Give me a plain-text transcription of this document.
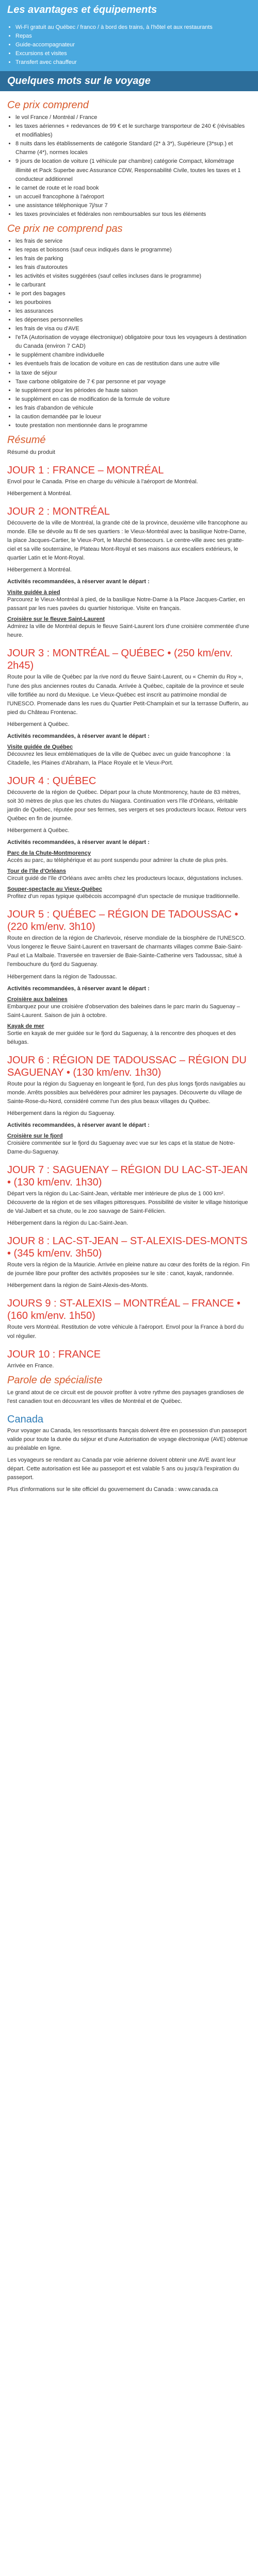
Les avantages et équipements
• Wi-Fi gratuit au Québec / franco / à bord des trains, à l'hôtel et aux restaurants
• Repas
• Guide-accompagnateur
• Excursions et visites
• Transfert avec chauffeur
Quelques mots sur le voyage
Ce prix comprend
• le vol France / Montréal / France
• les taxes aériennes + redevances de 99 € et le surcharge transporteur de 240 € (révisables et modifiables)
• 8 nuits dans les établissements de catégorie Standard (2* à 3*), Supérieure (3*sup.) et Charme (4*), normes locales
• 9 jours de location de voiture (1 véhicule par chambre) catégorie Compact, kilométrage illimité et Pack Superbe avec Assurance CDW, Responsabilité Civile, toutes les taxes et 1 conducteur additionnel
• le carnet de route et le road book
• un accueil francophone à l'aéroport
• une assistance téléphonique 7j/sur 7
• les taxes provinciales et fédérales non remboursables sur tous les éléments
Ce prix ne comprend pas
• les frais de service
• les repas et boissons (sauf ceux indiqués dans le programme)
• les frais de parking
• les frais d'autoroutes
• les activités et visites suggérées (sauf celles incluses dans le programme)
• le carburant
• le port des bagages
• les pourboires
• les assurances
• les dépenses personnelles
• les frais de visa ou d'AVE
• l'eTA (Autorisation de voyage électronique) obligatoire pour tous les voyageurs à destination du Canada (environ 7 CAD)
• le supplément chambre individuelle
• les éventuels frais de location de voiture en cas de restitution dans une autre ville
• la taxe de séjour
• Taxe carbone obligatoire de 7 € par personne et par voyage
• le supplément pour les périodes de haute saison
• le supplément en cas de modification de la formule de voiture
• les frais d'abandon de véhicule
• la caution demandée par le loueur
• toute prestation non mentionnée dans le programme
Résumé

Résumé du produit

JOUR 1 : FRANCE – MONTRÉAL

Envol pour le Canada. Prise en charge du véhicule à l'aéroport de Montréal.

Hébergement à Montréal.

JOUR 2 : MONTRÉAL

Découverte de la ville de Montréal, la grande cité de la province, deuxième ville francophone au monde. Elle se dévoile au fil de ses quartiers : le Vieux-Montréal avec la basilique Notre-Dame, la place Jacques-Cartier, le Vieux-Port, le Marché Bonsecours. Le centre-ville avec ses gratte-ciel et sa ville souterraine, le Plateau Mont-Royal et ses maisons aux escaliers extérieurs, le quartier Latin et le Mont-Royal.

Hébergement à Montréal.

Activités recommandées, à réserver avant le départ :

Visite guidée à pied

Parcourez le Vieux-Montréal à pied, de la basilique Notre-Dame à la Place Jacques-Cartier, en passant par les rues pavées du quartier historique. Visite en français.

Croisière sur le fleuve Saint-Laurent

Admirez la ville de Montréal depuis le fleuve Saint-Laurent lors d'une croisière commentée d'une heure.

JOUR 3 : MONTRÉAL – QUÉBEC • (250 km/env. 2h45)

Route pour la ville de Québec par la rive nord du fleuve Saint-Laurent, ou « Chemin du Roy », l'une des plus anciennes routes du Canada. Arrivée à Québec, capitale de la province et seule ville fortifiée au nord du Mexique. Le Vieux-Québec est inscrit au patrimoine mondial de l'UNESCO. Promenade dans les rues du Quartier Petit-Champlain et sur la terrasse Dufferin, au pied du Château Frontenac.

Hébergement à Québec.

Activités recommandées, à réserver avant le départ :

Visite guidée de Québec

Découvrez les lieux emblématiques de la ville de Québec avec un guide francophone : la Citadelle, les Plaines d'Abraham, la Place Royale et le Vieux-Port.

JOUR 4 : QUÉBEC

Découverte de la région de Québec. Départ pour la chute Montmorency, haute de 83 mètres, soit 30 mètres de plus que les chutes du Niagara. Continuation vers l'île d'Orléans, véritable jardin de Québec, réputée pour ses fermes, ses vergers et ses producteurs locaux. Retour vers Québec en fin de journée.

Hébergement à Québec.

Activités recommandées, à réserver avant le départ :

Parc de la Chute-Montmorency

Accès au parc, au téléphérique et au pont suspendu pour admirer la chute de plus près.

Tour de l'île d'Orléans

Circuit guidé de l'île d'Orléans avec arrêts chez les producteurs locaux, dégustations incluses.

Souper-spectacle au Vieux-Québec

Profitez d'un repas typique québécois accompagné d'un spectacle de musique traditionnelle.

JOUR 5 : QUÉBEC – RÉGION DE TADOUSSAC • (220 km/env. 3h10)

Route en direction de la région de Charlevoix, réserve mondiale de la biosphère de l'UNESCO. Vous longerez le fleuve Saint-Laurent en traversant de charmants villages comme Baie-Saint-Paul et La Malbaie. Traversée en traversier de Baie-Sainte-Catherine vers Tadoussac, situé à l'embouchure du fjord du Saguenay.

Hébergement dans la région de Tadoussac.

Activités recommandées, à réserver avant le départ :

Croisière aux baleines

Embarquez pour une croisière d'observation des baleines dans le parc marin du Saguenay – Saint-Laurent. Saison de juin à octobre.

Kayak de mer

Sortie en kayak de mer guidée sur le fjord du Saguenay, à la rencontre des phoques et des bélugas.

JOUR 6 : RÉGION DE TADOUSSAC – RÉGION DU SAGUENAY • (130 km/env. 1h30)

Route pour la région du Saguenay en longeant le fjord, l'un des plus longs fjords navigables au monde. Arrêts possibles aux belvédères pour admirer les paysages. Découverte du village de Sainte-Rose-du-Nord, considéré comme l'un des plus beaux villages du Québec.

Hébergement dans la région du Saguenay.

Activités recommandées, à réserver avant le départ :

Croisière sur le fjord

Croisière commentée sur le fjord du Saguenay avec vue sur les caps et la statue de Notre-Dame-du-Saguenay.

JOUR 7 : SAGUENAY – RÉGION DU LAC-ST-JEAN • (130 km/env. 1h30)

Départ vers la région du Lac-Saint-Jean, véritable mer intérieure de plus de 1 000 km². Découverte de la région et de ses villages pittoresques. Possibilité de visiter le village historique de Val-Jalbert et sa chute, ou le zoo sauvage de Saint-Félicien.

Hébergement dans la région du Lac-Saint-Jean.

JOUR 8 : LAC-ST-JEAN – ST-ALEXIS-DES-MONTS • (345 km/env. 3h50)

Route vers la région de la Mauricie. Arrivée en pleine nature au cœur des forêts de la région. Fin de journée libre pour profiter des activités proposées sur le site : canot, kayak, randonnée.

Hébergement dans la région de Saint-Alexis-des-Monts.

JOURS 9 : ST-ALEXIS – MONTRÉAL – FRANCE • (160 km/env. 1h50)

Route vers Montréal. Restitution de votre véhicule à l'aéroport. Envol pour la France à bord du vol régulier.

JOUR 10 : FRANCE

Arrivée en France.

Parole de spécialiste

Le grand atout de ce circuit est de pouvoir profiter à votre rythme des paysages grandioses de l'est canadien tout en découvrant les villes de Montréal et de Québec.

Canada

Pour voyager au Canada, les ressortissants français doivent être en possession d'un passeport valide pour toute la durée du séjour et d'une Autorisation de voyage électronique (AVE) obtenue au préalable en ligne.

Les voyageurs se rendant au Canada par voie aérienne doivent obtenir une AVE avant leur départ. Cette autorisation est liée au passeport et est valable 5 ans ou jusqu'à l'expiration du passeport.

Plus d'informations sur le site officiel du gouvernement du Canada : www.canada.ca
